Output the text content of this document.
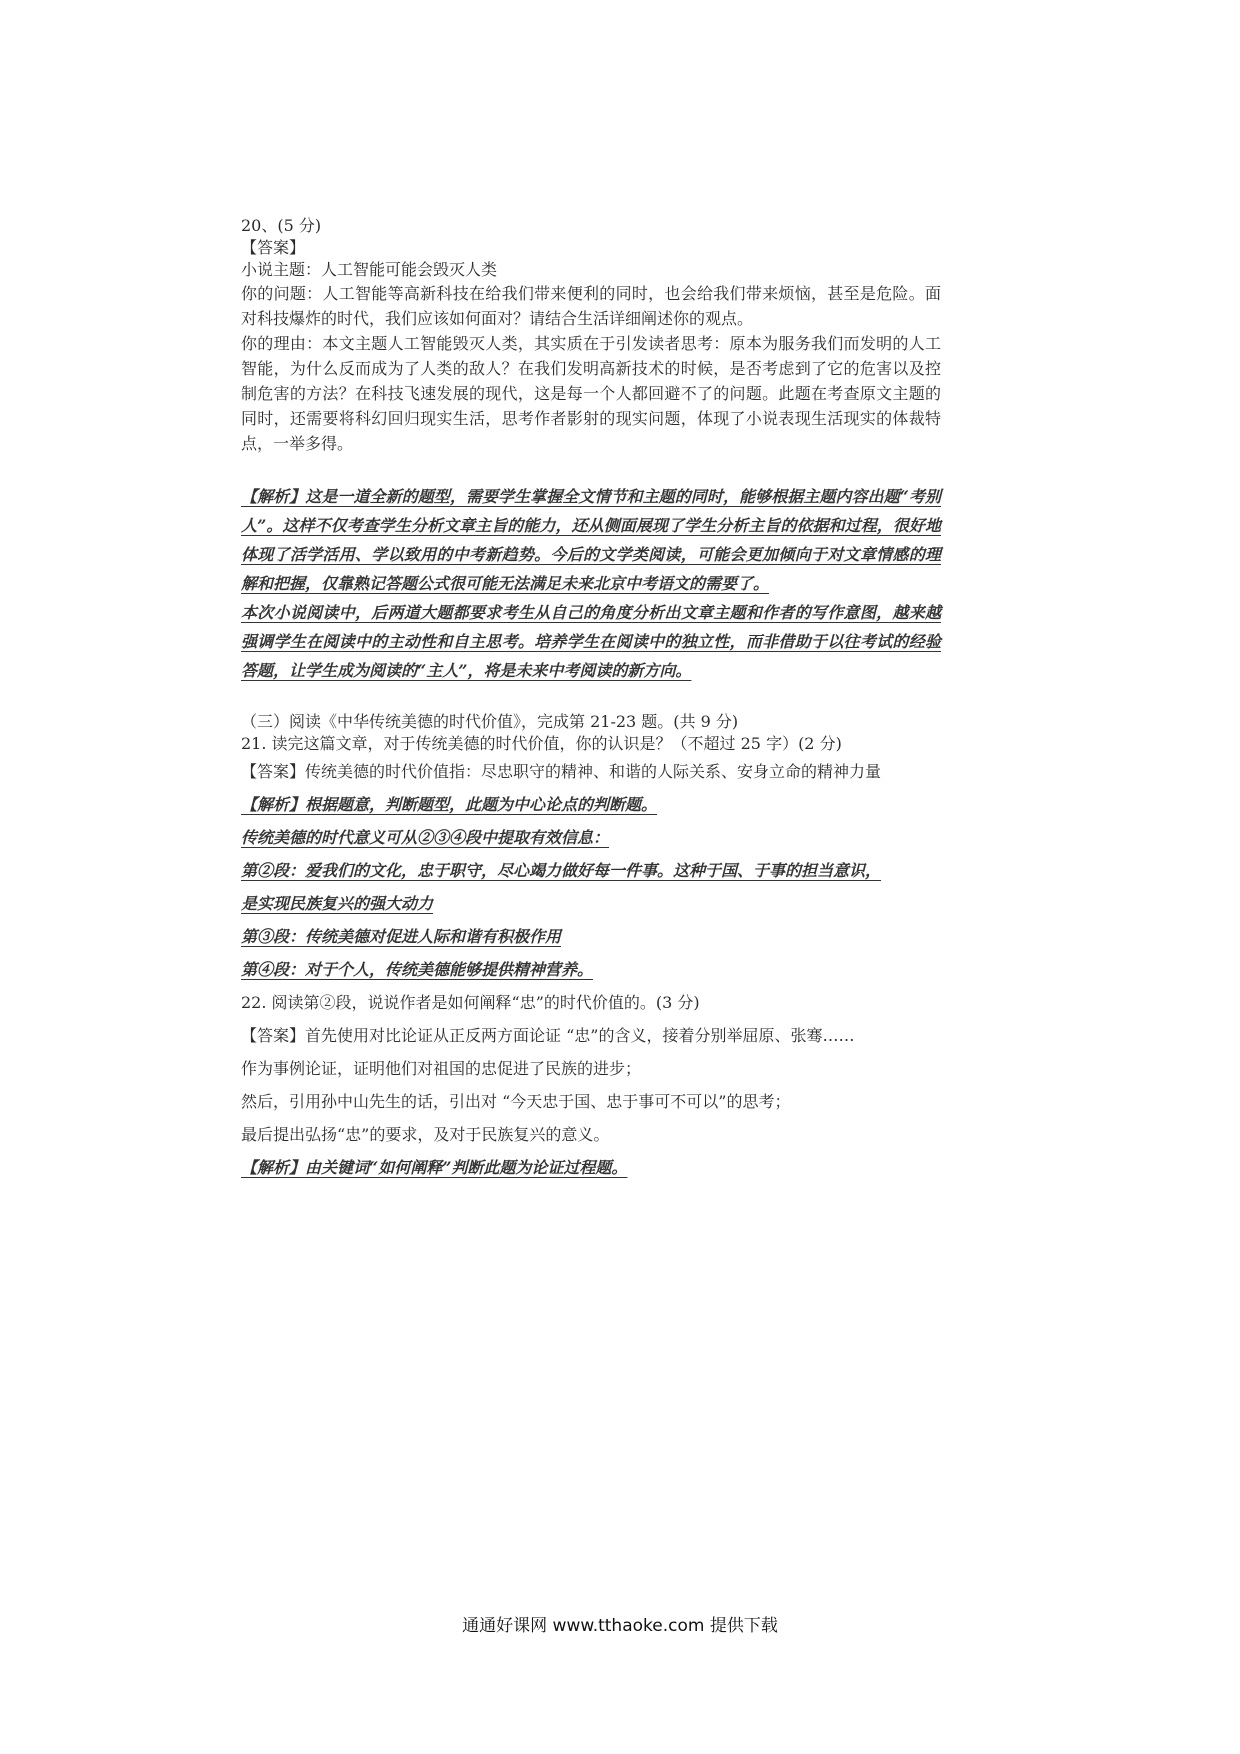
20、(5 分)
【答案】
小说主题：人工智能可能会毁灭人类
你的问题：人工智能等高新科技在给我们带来便利的同时，也会给我们带来烦恼，甚至是危险。面对科技爆炸的时代，我们应该如何面对？请结合生活详细阐述你的观点。
你的理由：本文主题人工智能毁灭人类，其实质在于引发读者思考：原本为服务我们而发明的人工智能，为什么反而成为了人类的敌人？在我们发明高新技术的时候，是否考虑到了它的危害以及控制危害的方法？在科技飞速发展的现代，这是每一个人都回避不了的问题。此题在考查原文主题的同时，还需要将科幻回归现实生活，思考作者影射的现实问题，体现了小说表现生活现实的体裁特点，一举多得。
【解析】这是一道全新的题型，需要学生掌握全文情节和主题的同时，能够根据主题内容出题“考别人”。这样不仅考查学生分析文章主旨的能力，还从侧面展现了学生分析主旨的依据和过程，很好地体现了活学活用、学以致用的中考新趋势。今后的文学类阅读，可能会更加倾向于对文章情感的理解和把握，仅靠熟记答题公式很可能无法满足未来北京中考语文的需要了。
本次小说阅读中，后两道大题都要求考生从自己的角度分析出文章主题和作者的写作意图，越来越强调学生在阅读中的主动性和自主思考。培养学生在阅读中的独立性，而非借助于以往考试的经验答题，让学生成为阅读的“主人”，将是未来中考阅读的新方向。
（三）阅读《中华传统美德的时代价值》，完成第 21-23 题。(共 9 分)
21. 读完这篇文章，对于传统美德的时代价值，你的认识是？（不超过 25 字）(2 分)
【答案】传统美德的时代价值指：尽忠职守的精神、和谐的人际关系、安身立命的精神力量
【解析】根据题意，判断题型，此题为中心论点的判断题。
传统美德的时代意义可从②③④段中提取有效信息：
第②段：爱我们的文化，忠于职守，尽心竭力做好每一件事。这种于国、于事的担当意识，
是实现民族复兴的强大动力
第③段：传统美德对促进人际和谐有积极作用
第④段：对于个人，传统美德能够提供精神营养。
22. 阅读第②段，说说作者是如何阐释“忠”的时代价值的。(3 分)
【答案】首先使用对比论证从正反两方面论证 “忠”的含义，接着分别举屈原、张骞……
作为事例论证，证明他们对祖国的忠促进了民族的进步；
然后，引用孙中山先生的话，引出对 “今天忠于国、忠于事可不可以”的思考；
最后提出弘扬“忠”的要求，及对于民族复兴的意义。
【解析】由关键词“如何阐释”判断此题为论证过程题。
通通好课网 www.tthaoke.com 提供下载
